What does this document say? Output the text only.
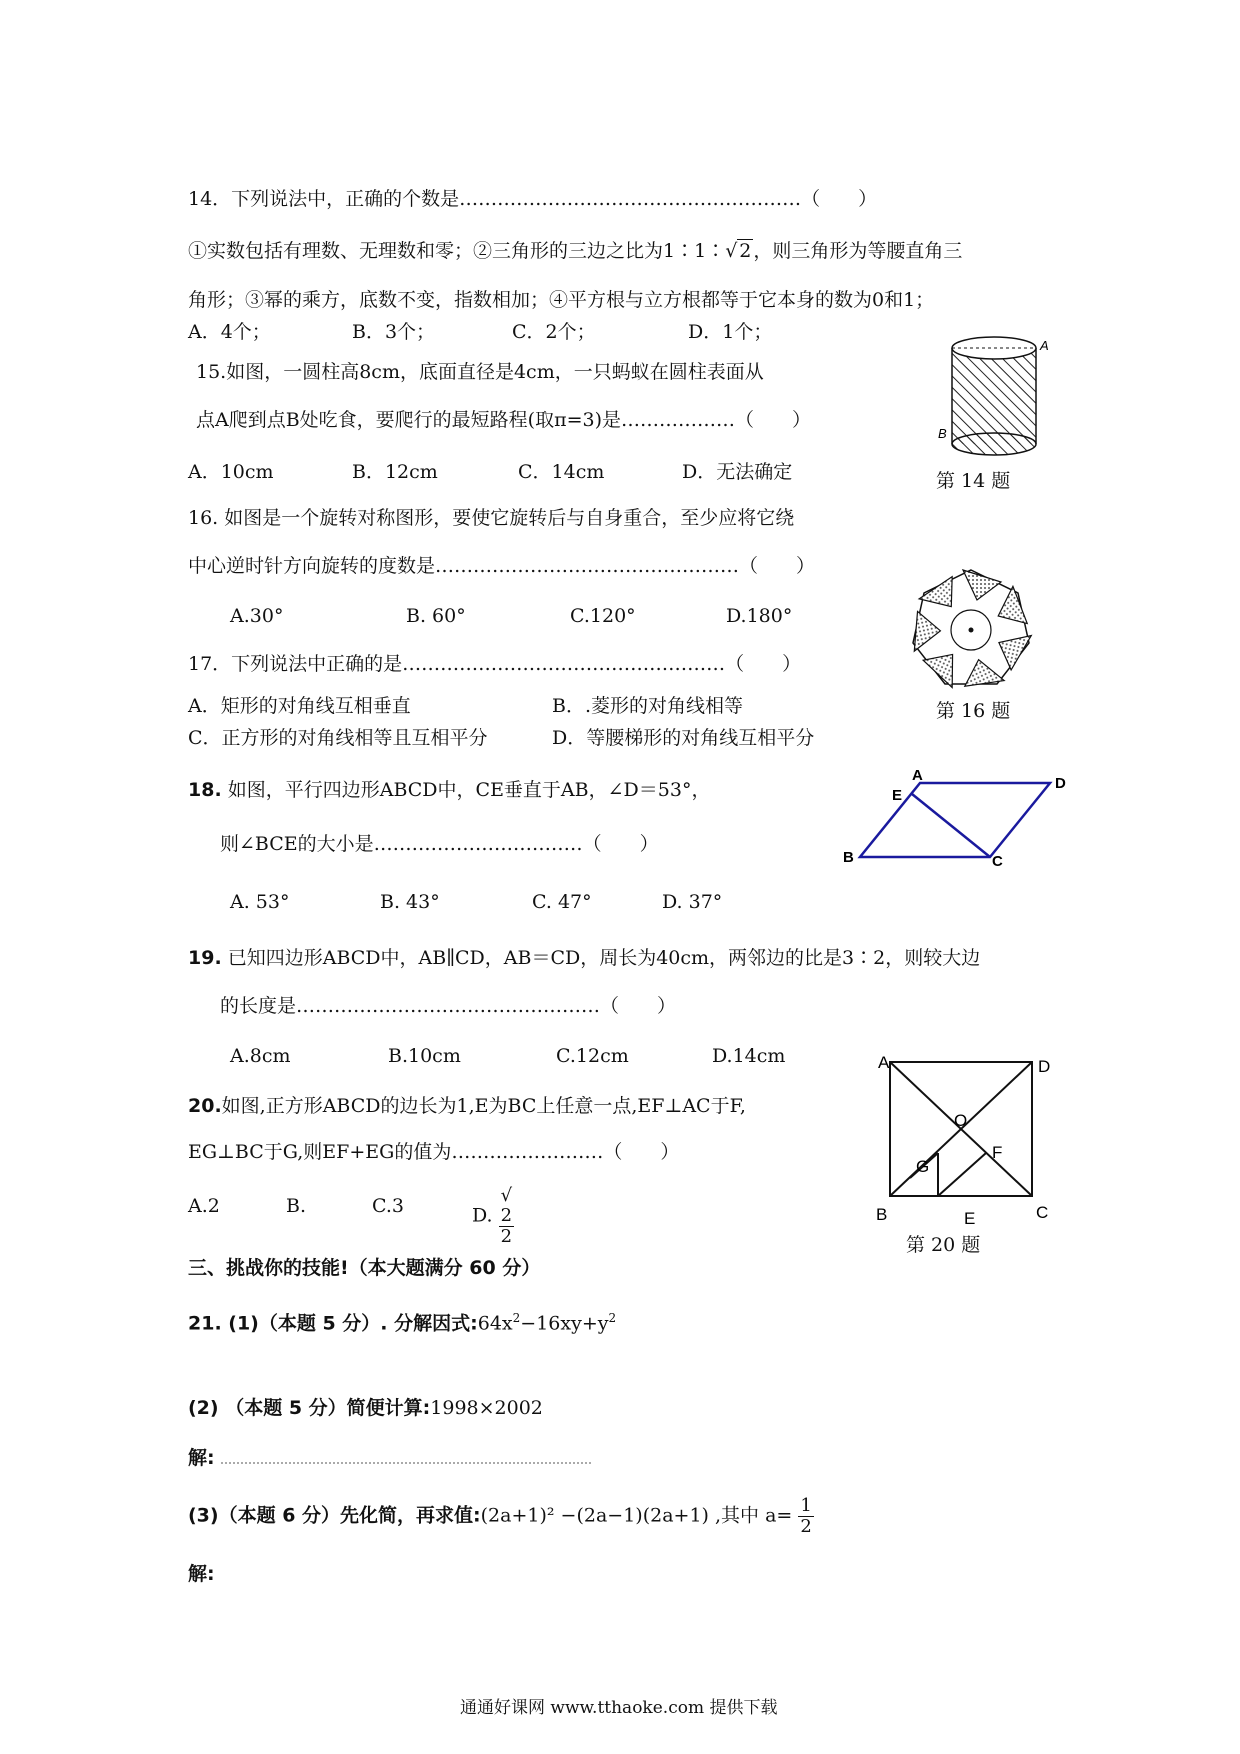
14．下列说法中，正确的个数是………………………………………………（　　）
①实数包括有理数、无理数和零；②三角形的三边之比为1∶1∶√ 2 ，则三角形为等腰直角三
角形；③幂的乘方，底数不变，指数相加；④平方根与立方根都等于它本身的数为0和1；
A．4个；	B．3个；	C．2个；	D．1个；
15.如图，一圆柱高8cm，底面直径是4cm，一只蚂蚁在圆柱表面从
点A爬到点B处吃食，要爬行的最短路程(取π=3)是………………（　　）
A．10cm	B．12cm	C．14cm	D．无法确定
A
B
第 14 题
16. 如图是一个旋转对称图形，要使它旋转后与自身重合，至少应将它绕
中心逆时针方向旋转的度数是…………………………………………（　　）
A.30°	B. 60°	C.120°	D.180°
第 16 题
17．下列说法中正确的是……………………………………………（　　）
A．矩形的对角线互相垂直	B．.菱形的对角线相等
C．正方形的对角线相等且互相平分	D．等腰梯形的对角线互相平分
18. 如图，平行四边形ABCD中，CE垂直于AB，∠D＝53°，
则∠BCE的大小是……………………………（　　）
A. 53°	B. 43°	C. 47°	D. 37°
A	D
E
B	C
19. 已知四边形ABCD中，AB∥CD，AB＝CD，周长为40cm，两邻边的比是3∶2，则较大边
的长度是…………………………………………（　　）
A.8cm	B.10cm	C.12cm	D.14cm
20.如图,正方形ABCD的边长为1,E为BC上任意一点,EF⊥AC于F,
EG⊥BC于G,则EF+EG的值为……………………（　　）
A.2	B.	C.3	D. √
2
2
A	D
O
G
F
B	E	C
第 20 题
三、挑战你的技能!（本大题满分 60 分）
21. (1)（本题 5 分）. 分解因式$:64x^2-16xy+y^2$
(2) （本题 5 分）简便计算:1998×2002
解:
(3)（本题 6 分）先化简，再求值:(2a+1)² −(2a−1)(2a+1) ,其中 $a= \frac{1}{2}$
解:
通通好课网 www.tthaoke.com 提供下载
